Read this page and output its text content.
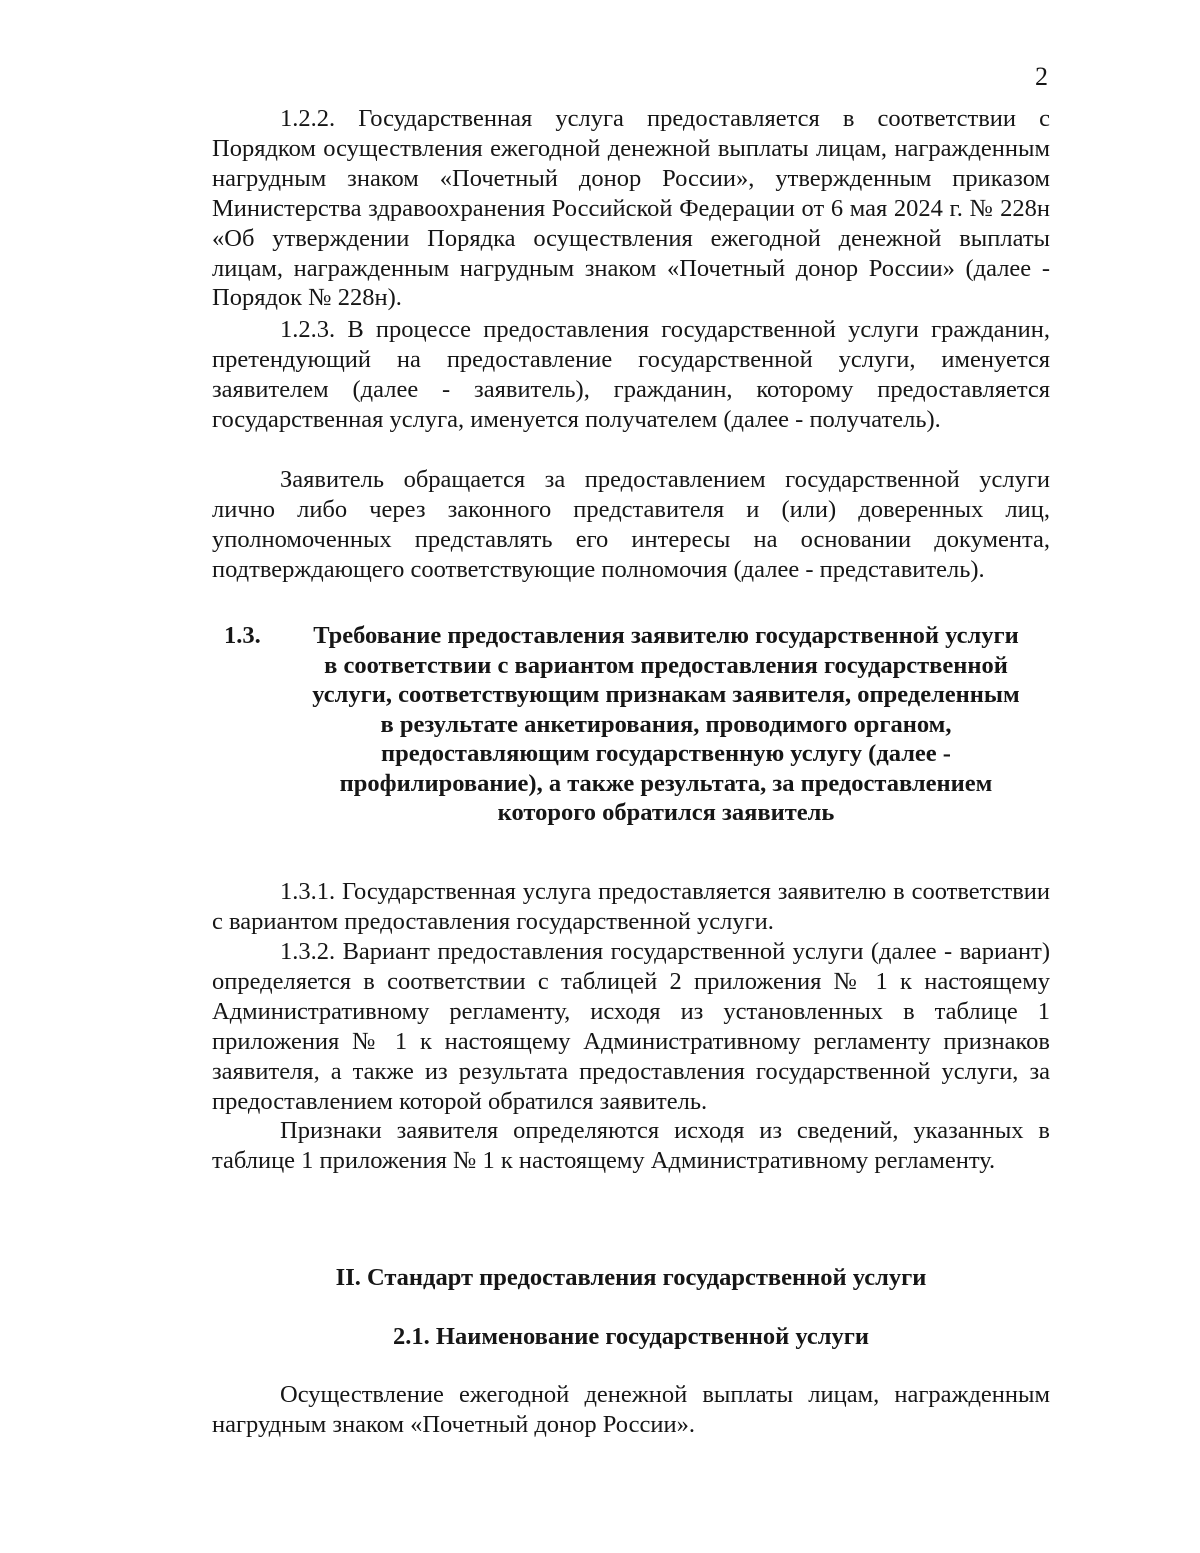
2

1.2.2. Государственная услуга предоставляется в соответствии с Порядком осуществления ежегодной денежной выплаты лицам, награжденным нагрудным знаком «Почетный донор России», утвержденным приказом Министерства здравоохранения Российской Федерации от 6 мая 2024 г. № 228н «Об утверждении Порядка осуществления ежегодной денежной выплаты лицам, награжденным нагрудным знаком «Почетный донор России» (далее - Порядок № 228н).

1.2.3. В процессе предоставления государственной услуги гражданин, претендующий на предоставление государственной услуги, именуется заявителем (далее - заявитель), гражданин, которому предоставляется государственная услуга, именуется получателем (далее - получатель).

Заявитель обращается за предоставлением государственной услуги лично либо через законного представителя и (или) доверенных лиц, уполномоченных представлять его интересы на основании документа, подтверждающего соответствующие полномочия (далее - представитель).

1.3.	Требование предоставления заявителю государственной услуги
в соответствии с вариантом предоставления государственной
услуги, соответствующим признакам заявителя, определенным
в результате анкетирования, проводимого органом,
предоставляющим государственную услугу (далее -
профилирование), а также результата, за предоставлением
которого обратился заявитель

1.3.1. Государственная услуга предоставляется заявителю в соответствии с вариантом предоставления государственной услуги.

1.3.2. Вариант предоставления государственной услуги (далее - вариант) определяется в соответствии с таблицей 2 приложения № 1 к настоящему Административному регламенту, исходя из установленных в таблице 1 приложения № 1 к настоящему Административному регламенту признаков заявителя, а также из результата предоставления государственной услуги, за предоставлением которой обратился заявитель.

Признаки заявителя определяются исходя из сведений, указанных в таблице 1 приложения № 1 к настоящему Административному регламенту.

II. Стандарт предоставления государственной услуги
2.1. Наименование государственной услуги

Осуществление ежегодной денежной выплаты лицам, награжденным нагрудным знаком «Почетный донор России».
